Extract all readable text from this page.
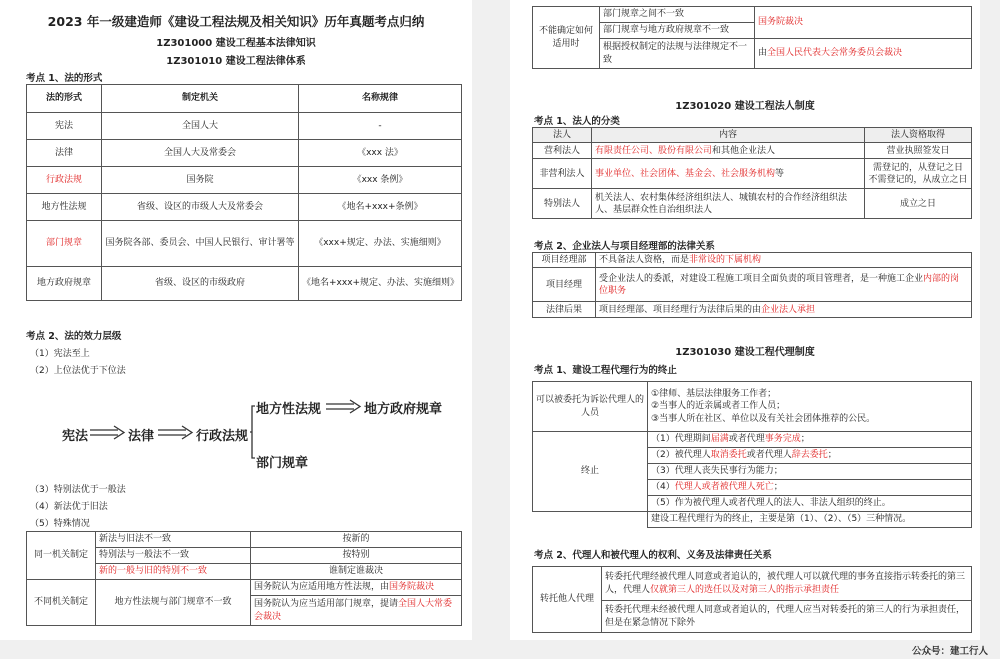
2023 年一级建造师《建设工程法规及相关知识》历年真题考点归纳
1Z301000 建设工程基本法律知识
1Z301010 建设工程法律体系
考点 1、法的形式
法的形式	制定机关	名称规律
宪法	全国人大	-
法律	全国人大及常委会	《xxx 法》
行政法规	国务院	《xxx 条例》
地方性法规	省级、设区的市级人大及常委会	《地名+xxx+条例》
部门规章	国务院各部、委员会、中国人民银行、审计署等	《xxx+规定、办法、实施细则》
地方政府规章	省级、设区的市级政府	《地名+xxx+规定、办法、实施细则》
考点 2、法的效力层级
（1）宪法至上
（2）上位法优于下位法
宪法	法律	行政法规
地方性法规	地方政府规章
部门规章
（3）特别法优于一般法
（4）新法优于旧法
（5）特殊情况
同一机关制定	新法与旧法不一致	按新的
	特别法与一般法不一致	按特别
	新的一般与旧的特别不一致	谁制定谁裁决
不同机关制定	地方性法规与部门规章不一致	国务院认为应适用地方性法规，由国务院裁决
		国务院认为应当适用部门规章，提请全国人大常委会裁决
不能确定如何适用时	部门规章之间不一致	国务院裁决
	部门规章与地方政府规章不一致	
	根据授权制定的法规与法律规定不一致	由全国人民代表大会常务委员会裁决
1Z301020 建设工程法人制度
考点 1、法人的分类
法人	内容	法人资格取得
营利法人	有限责任公司、股份有限公司和其他企业法人	营业执照签发日
非营利法人	事业单位、社会团体、基金会、社会服务机构等	需登记的，从登记之日
不需登记的，从成立之日

特别法人	机关法人、农村集体经济组织法人、城镇农村的合作经济组织法人、基层群众性自治组织法人	成立之日
考点 2、企业法人与项目经理部的法律关系
项目经理部	不具备法人资格，而是非常设的下属机构
项目经理	受企业法人的委派，对建设工程施工项目全面负责的项目管理者，是一种施工企业内部的岗位职务
法律后果	项目经理部、项目经理行为法律后果的由企业法人承担
1Z301030 建设工程代理制度
考点 1、建设工程代理行为的终止
可以被委托为诉讼代理人的人员	①律师、基层法律服务工作者；
②当事人的近亲属或者工作人员；
③当事人所在社区、单位以及有关社会团体推荐的公民。

终止	（1）代理期间届满或者代理事务完成；
	（2）被代理人取消委托或者代理人辞去委托；
	（3）代理人丧失民事行为能力；
	（4）代理人或者被代理人死亡；
	（5）作为被代理人或者代理人的法人、非法人组织的终止。
	建设工程代理行为的终止，主要是第（1）、（2）、（5）三种情况。
考点 2、代理人和被代理人的权利、义务及法律责任关系
转托他人代理	转委托代理经被代理人同意或者追认的，被代理人可以就代理的事务直接指示转委托的第三人，代理人仅就第三人的选任以及对第三人的指示承担责任
转委托代理未经被代理人同意或者追认的，代理人应当对转委托的第三人的行为承担责任，但是在紧急情况下除外
公众号：建工行人
